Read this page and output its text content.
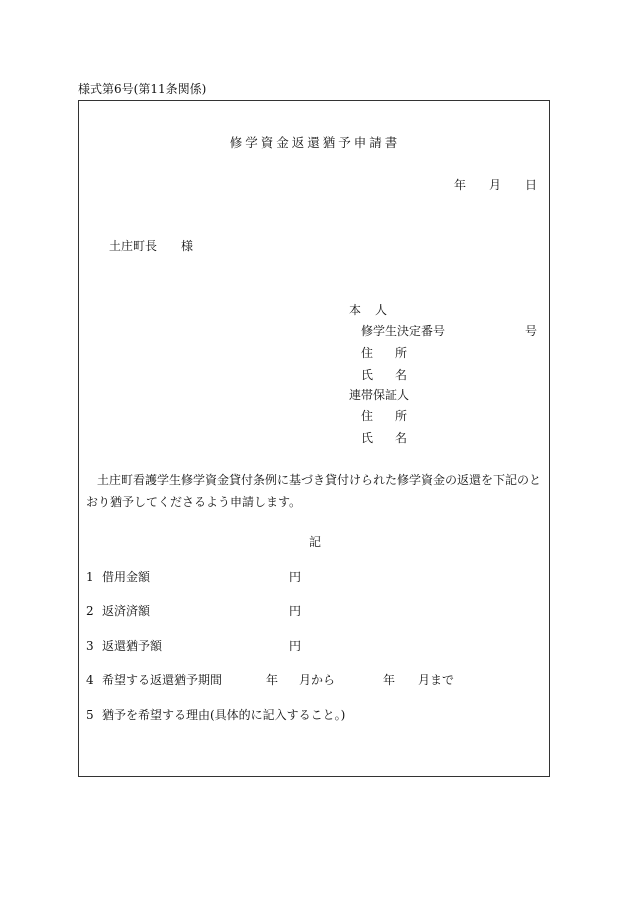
様式第6号(第11条関係)
修学資金返還猶予申請書
年 月 日
土庄町長 様
本 人
修学生決定番号	号
住 所
氏 名
連帯保証人
住 所
氏 名
土庄町看護学生修学資金貸付条例に基づき貸付けられた修学資金の返還を下記のとおり猶予してくださるよう申請します。
記
1 借用金額	円
2 返済済額	円
3 返還猶予額	円
4 希望する返還猶予期間	年 月から	年 月まで
5 猶予を希望する理由(具体的に記入すること。)
